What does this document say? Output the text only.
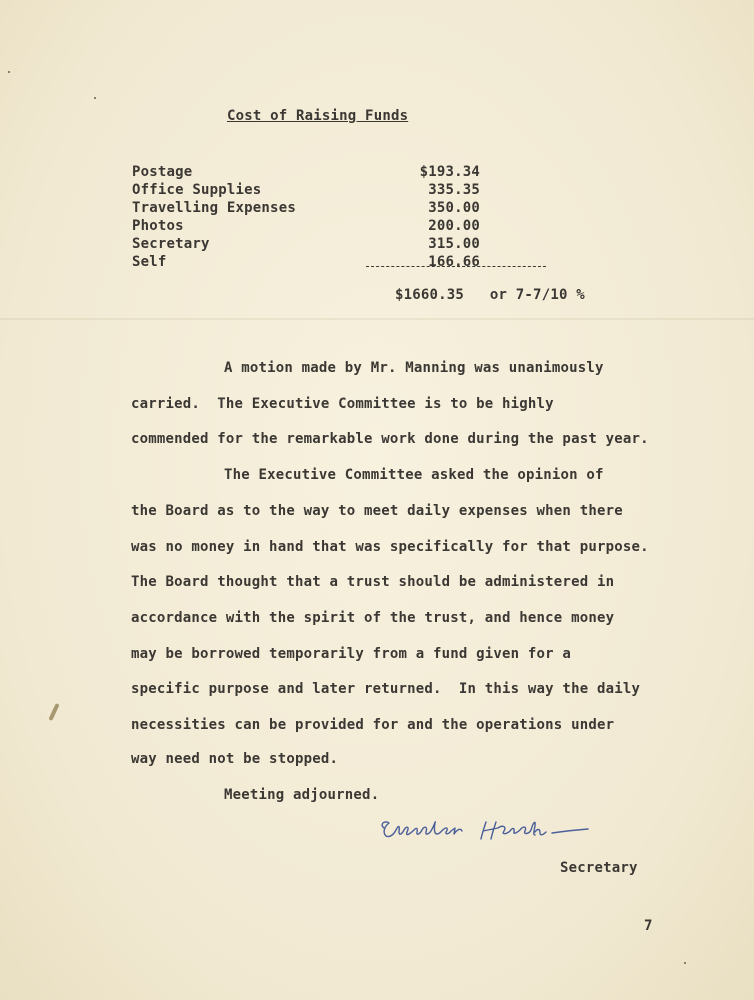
Cost of Raising Funds
Postage	$193.34
Office Supplies	335.35
Travelling Expenses	350.00
Photos	200.00
Secretary	315.00
Self	166.66
$1660.35   or 7-7/10 %
A motion made by Mr. Manning was unanimously
carried.  The Executive Committee is to be highly
commended for the remarkable work done during the past year.
The Executive Committee asked the opinion of
the Board as to the way to meet daily expenses when there
was no money in hand that was specifically for that purpose.
The Board thought that a trust should be administered in
accordance with the spirit of the trust, and hence money
may be borrowed temporarily from a fund given for a
specific purpose and later returned.  In this way the daily
necessities can be provided for and the operations under
way need not be stopped.
Meeting adjourned.
Secretary
7
